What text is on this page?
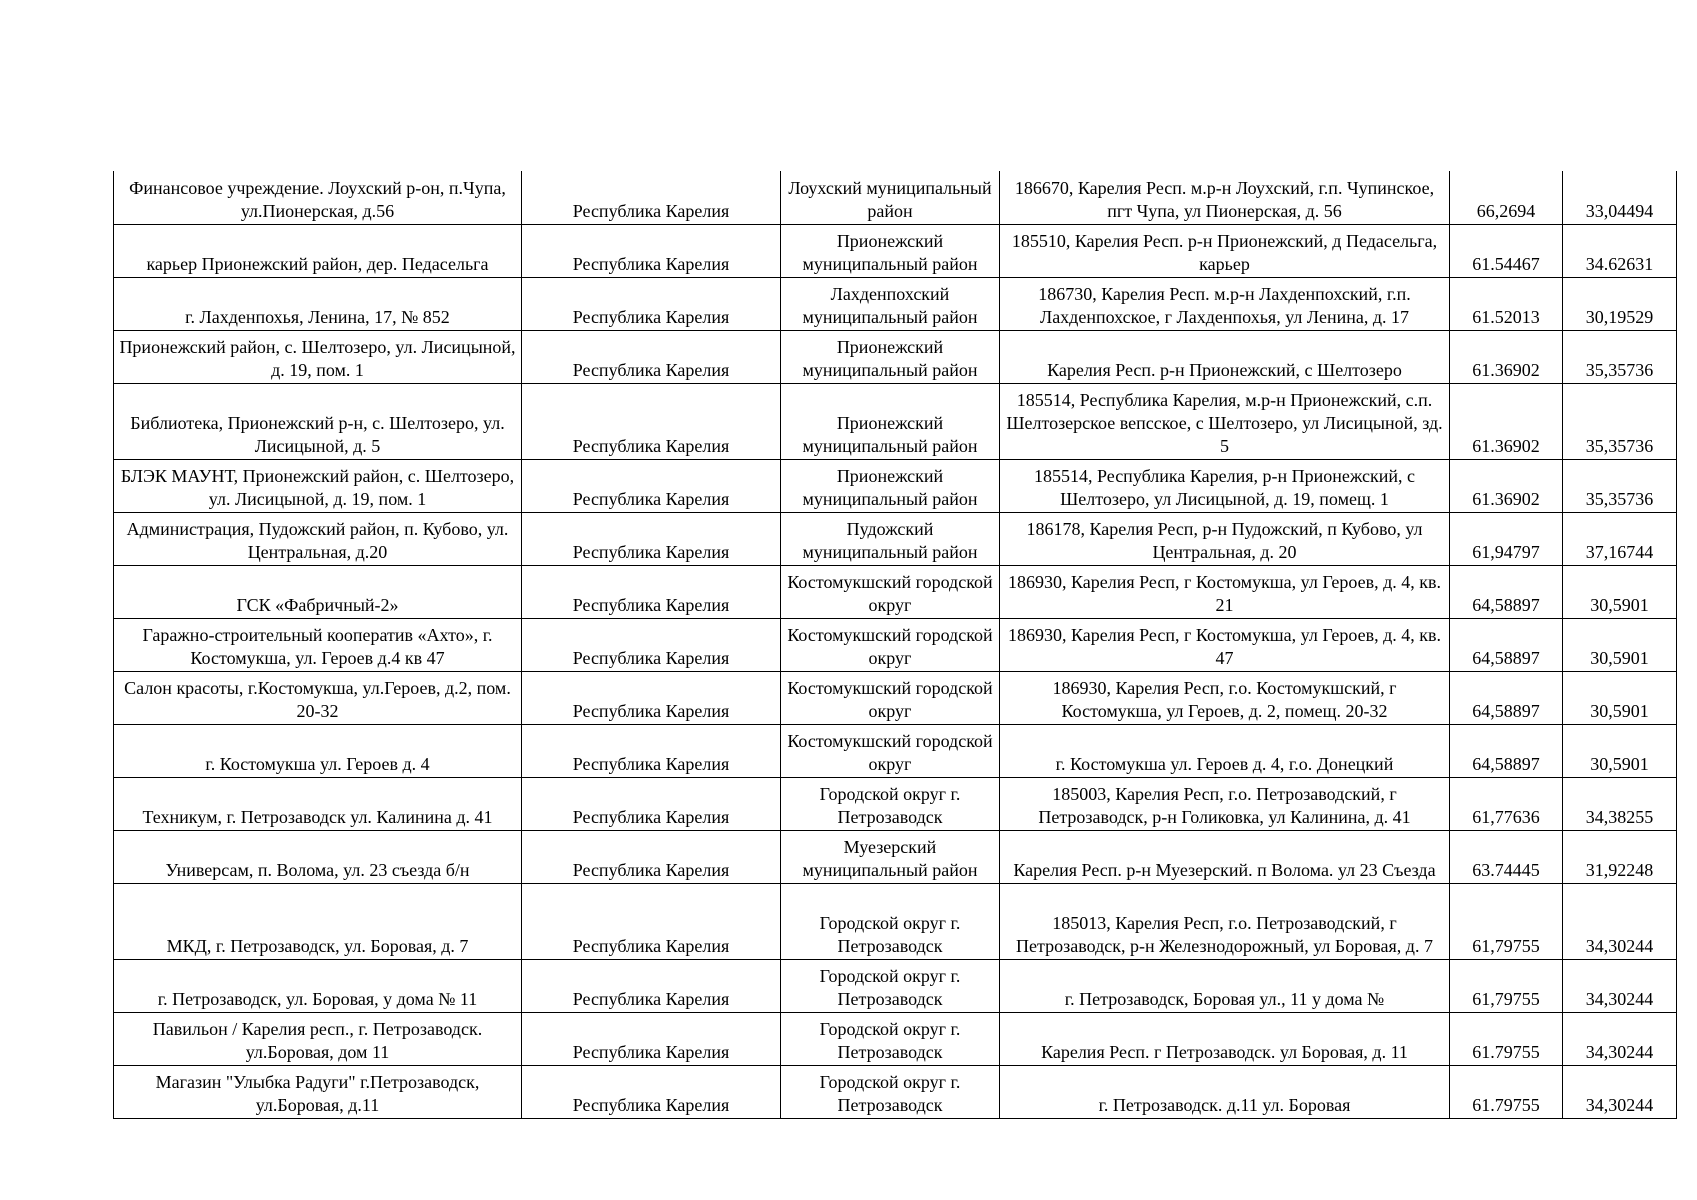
Финансовое учреждение. Лоухский р-он, п.Чупа, ул.Пионерская, д.56	Республика Карелия	Лоухский муниципальный район	186670, Карелия Респ. м.р-н Лоухский, г.п. Чупинское, пгт Чупа, ул Пионерская, д. 56	66,2694	33,04494
карьер Прионежский район, дер. Педасельга	Республика Карелия	Прионежский муниципальный район	185510, Карелия Респ. р-н Прионежский, д Педасельга, карьер	61.54467	34.62631
г. Лахденпохья, Ленина, 17, № 852	Республика Карелия	Лахденпохский муниципальный район	186730, Карелия Респ. м.р-н Лахденпохский, г.п. Лахденпохское, г Лахденпохья, ул Ленина, д. 17	61.52013	30,19529
Прионежский район, с. Шелтозеро, ул. Лисицыной, д. 19, пом. 1	Республика Карелия	Прионежский муниципальный район	Карелия Респ. р-н Прионежский, с Шелтозеро	61.36902	35,35736
Библиотека, Прионежский р-н, с. Шелтозеро, ул. Лисицыной, д. 5	Республика Карелия	Прионежский муниципальный район	185514, Республика Карелия, м.р-н Прионежский, с.п. Шелтозерское вепсское, с Шелтозеро, ул Лисицыной, зд. 5	61.36902	35,35736
БЛЭК МАУНТ, Прионежский район, с. Шелтозеро, ул. Лисицыной, д. 19, пом. 1	Республика Карелия	Прионежский муниципальный район	185514, Республика Карелия, р-н Прионежский, с Шелтозеро, ул Лисицыной, д. 19, помещ. 1	61.36902	35,35736
Администрация, Пудожский район, п. Кубово, ул. Центральная, д.20	Республика Карелия	Пудожский муниципальный район	186178, Карелия Респ, р-н Пудожский, п Кубово, ул Центральная, д. 20	61,94797	37,16744
ГСК «Фабричный-2»	Республика Карелия	Костомукшский городской округ	186930, Карелия Респ, г Костомукша, ул Героев, д. 4, кв. 21	64,58897	30,5901
Гаражно-строительный кооператив «Ахто», г. Костомукша, ул. Героев д.4 кв 47	Республика Карелия	Костомукшский городской округ	186930, Карелия Респ, г Костомукша, ул Героев, д. 4, кв. 47	64,58897	30,5901
Салон красоты, г.Костомукша, ул.Героев, д.2, пом. 20-32	Республика Карелия	Костомукшский городской округ	186930, Карелия Респ, г.о. Костомукшский, г Костомукша, ул Героев, д. 2, помещ. 20-32	64,58897	30,5901
г. Костомукша ул. Героев д. 4	Республика Карелия	Костомукшский городской округ	г. Костомукша ул. Героев д. 4, г.о. Донецкий	64,58897	30,5901
Техникум, г. Петрозаводск ул. Калинина д. 41	Республика Карелия	Городской округ г. Петрозаводск	185003, Карелия Респ, г.о. Петрозаводский, г Петрозаводск, р-н Голиковка, ул Калинина, д. 41	61,77636	34,38255
Универсам, п. Волома, ул. 23 съезда б/н	Республика Карелия	Муезерский муниципальный район	Карелия Респ. р-н Муезерский. п Волома. ул 23 Съезда	63.74445	31,92248
МКД, г. Петрозаводск, ул. Боровая, д. 7	Республика Карелия	Городской округ г. Петрозаводск	185013, Карелия Респ, г.о. Петрозаводский, г Петрозаводск, р-н Железнодорожный, ул Боровая, д. 7	61,79755	34,30244
г. Петрозаводск, ул. Боровая, у дома № 11	Республика Карелия	Городской округ г. Петрозаводск	г. Петрозаводск, Боровая ул., 11 у дома №	61,79755	34,30244
Павильон / Карелия респ., г. Петрозаводск. ул.Боровая, дом 11	Республика Карелия	Городской округ г. Петрозаводск	Карелия Респ. г Петрозаводск. ул Боровая, д. 11	61.79755	34,30244
Магазин "Улыбка Радуги" г.Петрозаводск, ул.Боровая, д.11	Республика Карелия	Городской округ г. Петрозаводск	г. Петрозаводск. д.11 ул. Боровая	61.79755	34,30244
